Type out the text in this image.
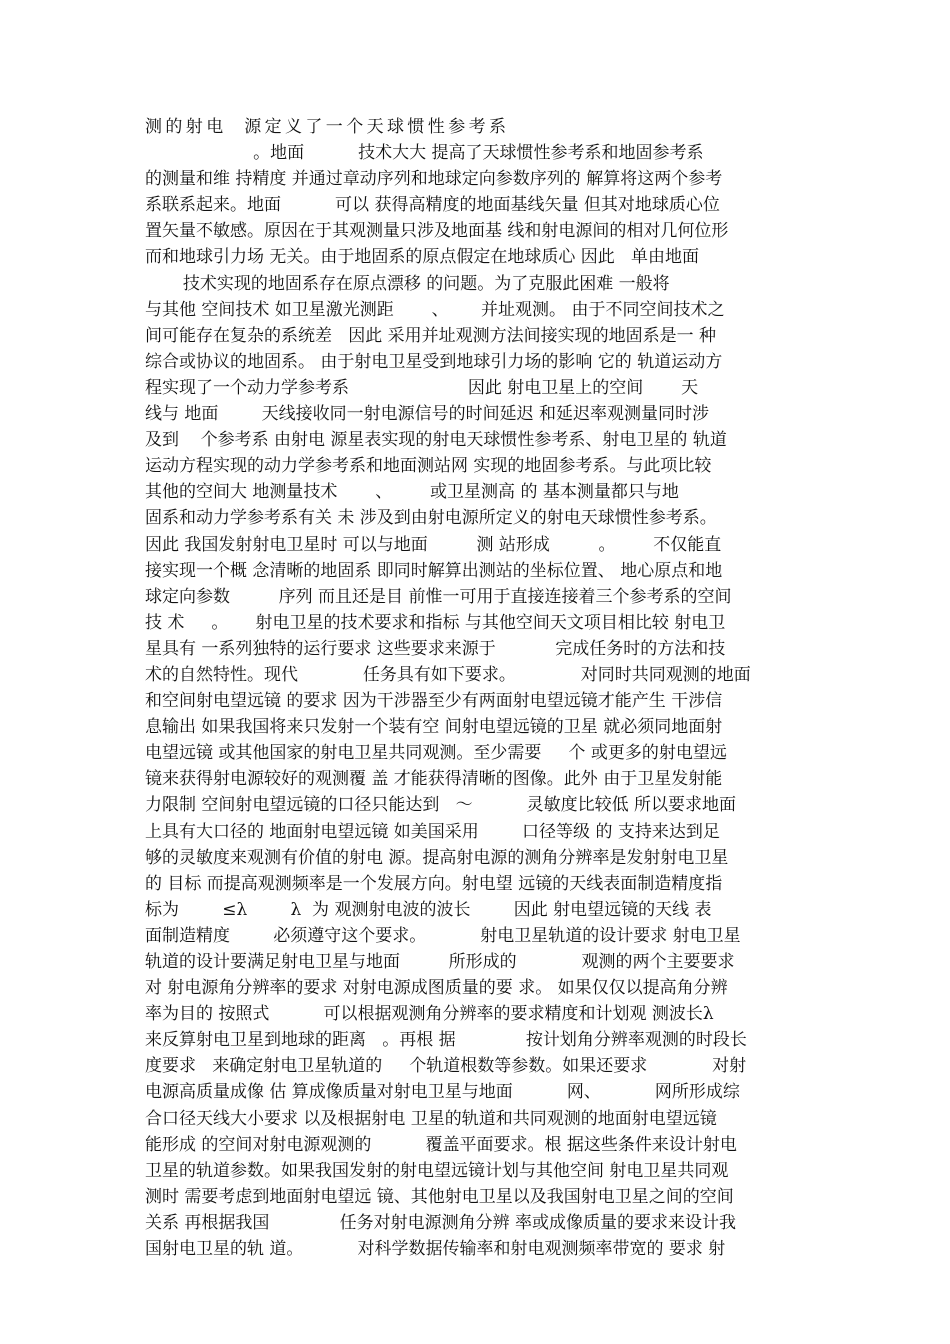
测的射电  源定义了一个天球惯性参考系
。地面          技术大大 提高了天球惯性参考系和地固参考系
的测量和维 持精度 并通过章动序列和地球定向参数序列的 解算将这两个参考
系联系起来。地面          可以 获得高精度的地面基线矢量 但其对地球质心位
置矢量不敏感。原因在于其观测量只涉及地面基 线和射电源间的相对几何位形
而和地球引力场 无关。由于地固系的原点假定在地球质心 因此   单由地面
技术实现的地固系存在原点漂移 的问题。为了克服此困难 一般将
与其他 空间技术 如卫星激光测距       、      并址观测。 由于不同空间技术之
间可能存在复杂的系统差   因此 采用并址观测方法间接实现的地固系是一 种
综合或协议的地固系。 由于射电卫星受到地球引力场的影响 它的 轨道运动方
程实现了一个动力学参考系                      因此 射电卫星上的空间       天
线与 地面        天线接收同一射电源信号的时间延迟 和延迟率观测量同时涉
及到    个参考系 由射电 源星表实现的射电天球惯性参考系、射电卫星的 轨道
运动方程实现的动力学参考系和地面测站网 实现的地固参考系。与此项比较
其他的空间大 地测量技术       、       或卫星测高 的 基本测量都只与地
固系和动力学参考系有关 未 涉及到由射电源所定义的射电天球惯性参考系。
因此 我国发射射电卫星时 可以与地面         测 站形成         。       不仅能直
接实现一个概 念清晰的地固系 即同时解算出测站的坐标位置、 地心原点和地
球定向参数         序列 而且还是目 前惟一可用于直接连接着三个参考系的空间
技 术     。     射电卫星的技术要求和指标 与其他空间天文项目相比较 射电卫
星具有 一系列独特的运行要求 这些要求来源于           完成任务时的方法和技
术的自然特性。现代            任务具有如下要求。            对同时共同观测的地面
和空间射电望远镜 的要求 因为干涉器至少有两面射电望远镜才能产生 干涉信
息输出 如果我国将来只发射一个装有空 间射电望远镜的卫星 就必须同地面射
电望远镜 或其他国家的射电卫星共同观测。至少需要     个 或更多的射电望远
镜来获得射电源较好的观测覆 盖 才能获得清晰的图像。此外 由于卫星发射能
力限制 空间射电望远镜的口径只能达到   ～          灵敏度比较低 所以要求地面
上具有大口径的 地面射电望远镜 如美国采用        口径等级 的 支持来达到足
够的灵敏度来观测有价值的射电 源。提高射电源的测角分辨率是发射射电卫星
的 目标 而提高观测频率是一个发展方向。射电望 远镜的天线表面制造精度指
标为        ≤λ        λ  为 观测射电波的波长        因此 射电望远镜的天线 表
面制造精度        必须遵守这个要求。          射电卫星轨道的设计要求 射电卫星
轨道的设计要满足射电卫星与地面         所形成的            观测的两个主要要求
对 射电源角分辨率的要求 对射电源成图质量的要 求。 如果仅仅以提高角分辨
率为目的 按照式          可以根据观测角分辨率的要求精度和计划观 测波长λ
来反算射电卫星到地球的距离   。再根 据             按计划角分辨率观测的时段长
度要求   来确定射电卫星轨道的     个轨道根数等参数。如果还要求            对射
电源高质量成像 估 算成像质量对射电卫星与地面          网、          网所形成综
合口径天线大小要求 以及根据射电 卫星的轨道和共同观测的地面射电望远镜
能形成 的空间对射电源观测的          覆盖平面要求。根 据这些条件来设计射电
卫星的轨道参数。如果我国发射的射电望远镜计划与其他空间 射电卫星共同观
测时 需要考虑到地面射电望远 镜、其他射电卫星以及我国射电卫星之间的空间
关系 再根据我国             任务对射电源测角分辨 率或成像质量的要求来设计我
国射电卫星的轨 道。          对科学数据传输率和射电观测频率带宽的 要求 射
